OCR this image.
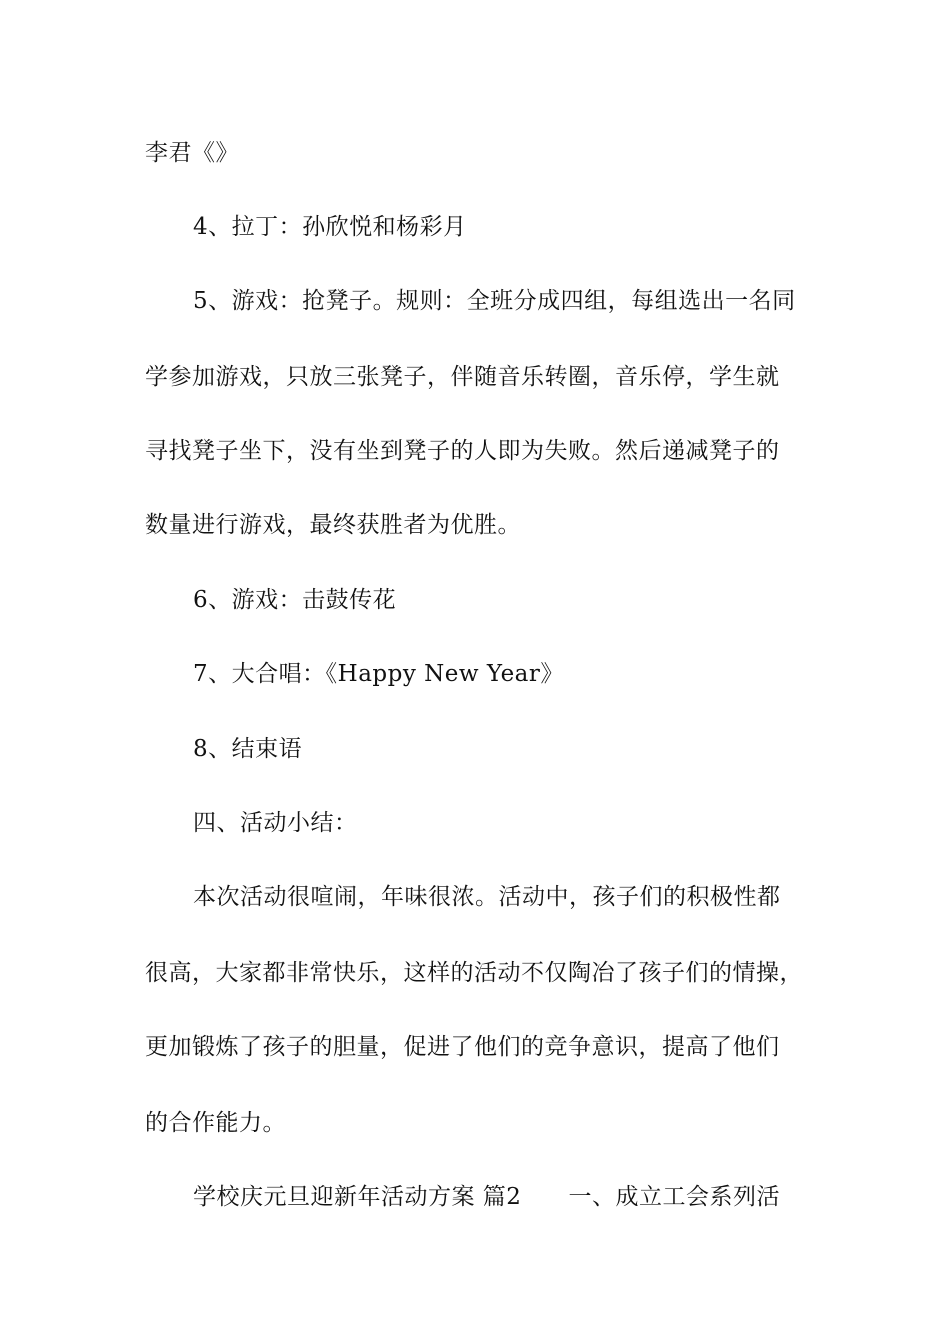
李君《》
4、拉丁：孙欣悦和杨彩月
5、游戏：抢凳子。规则：全班分成四组，每组选出一名同
学参加游戏，只放三张凳子，伴随音乐转圈，音乐停，学生就
寻找凳子坐下，没有坐到凳子的人即为失败。然后递减凳子的
数量进行游戏，最终获胜者为优胜。
6、游戏：击鼓传花
7、大合唱：《Happy New Year》
8、结束语
四、活动小结：
本次活动很喧闹，年味很浓。活动中，孩子们的积极性都
很高，大家都非常快乐，这样的活动不仅陶冶了孩子们的情操，
更加锻炼了孩子的胆量，促进了他们的竞争意识，提高了他们
的合作能力。
学校庆元旦迎新年活动方案 篇2　　一、成立工会系列活
